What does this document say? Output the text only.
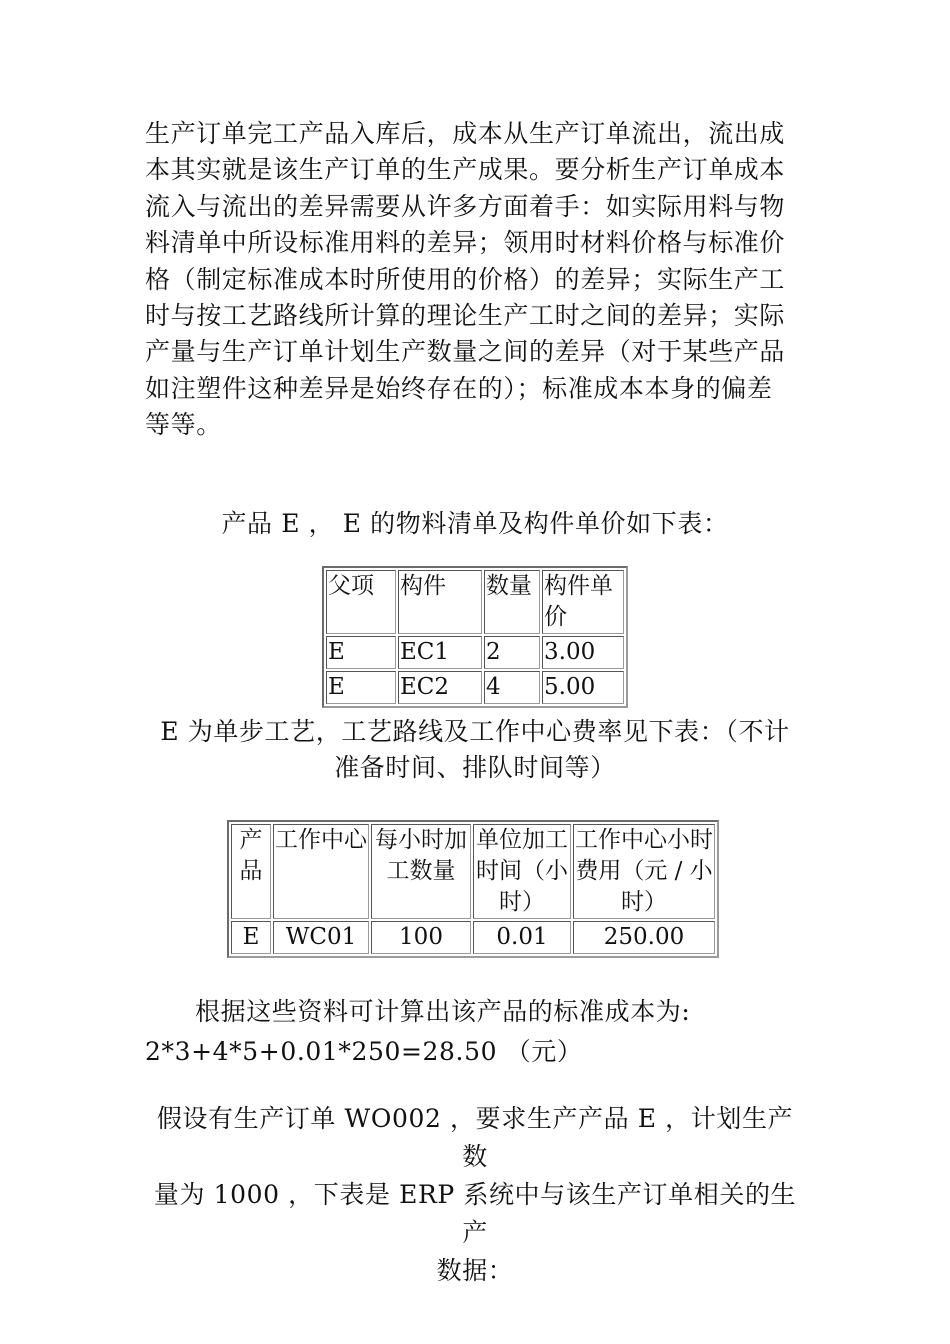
生产订单完工产品入库后，成本从生产订单流出，流出成
本其实就是该生产订单的生产成果。要分析生产订单成本
流入与流出的差异需要从许多方面着手：如实际用料与物
料清单中所设标准用料的差异；领用时材料价格与标准价
格（制定标准成本时所使用的价格）的差异；实际生产工
时与按工艺路线所计算的理论生产工时之间的差异；实际
产量与生产订单计划生产数量之间的差异（对于某些产品
如注塑件这种差异是始终存在的）；标准成本本身的偏差
等等。
产品 E ， E 的物料清单及构件单价如下表：
父项	构件	数量	构件单价
E	EC1	2	3.00
E	EC2	4	5.00
E 为单步工艺，工艺路线及工作中心费率见下表：（不计
准备时间、排队时间等）
产品	工作中心	每小时加工数量	单位加工时间（小时）	工作中心小时费用（元 / 小时）
E	WC01	100	0.01	250.00
根据这些资料可计算出该产品的标准成本为:
2*3+4*5+0.01*250=28.50 （元）
假设有生产订单 WO002 ，要求生产产品 E ，计划生产数
量为 1000 ，下表是 ERP 系统中与该生产订单相关的生产
数据：
